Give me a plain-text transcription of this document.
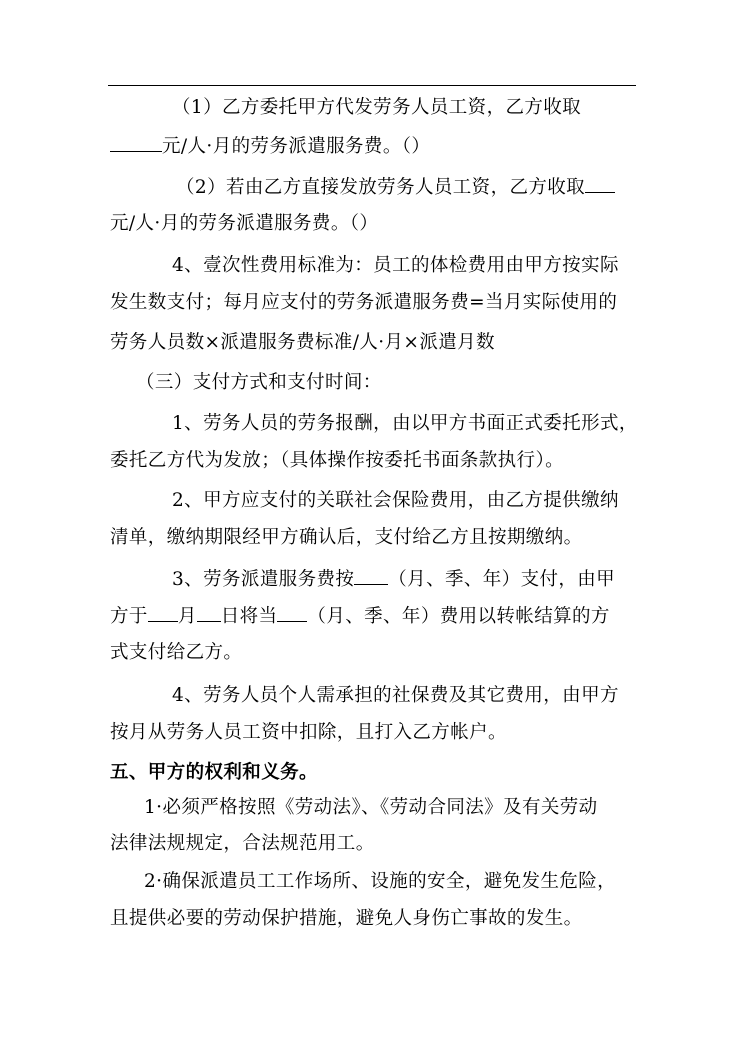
（1）乙方委托甲方代发劳务人员工资，乙方收取
元/人·月的劳务派遣服务费。（）
（2）若由乙方直接发放劳务人员工资，乙方收取
元/人·月的劳务派遣服务费。（）
4、壹次性费用标准为：员工的体检费用由甲方按实际
发生数支付；每月应支付的劳务派遣服务费=当月实际使用的
劳务人员数×派遣服务费标准/人·月×派遣月数
（三）支付方式和支付时间：
1、劳务人员的劳务报酬，由以甲方书面正式委托形式，
委托乙方代为发放；（具体操作按委托书面条款执行）。
2、甲方应支付的关联社会保险费用，由乙方提供缴纳
清单，缴纳期限经甲方确认后，支付给乙方且按期缴纳。
3、劳务派遣服务费按 （月、季、年）支付，由甲
方于 月 日将当 （月、季、年）费用以转帐结算的方
式支付给乙方。
4、劳务人员个人需承担的社保费及其它费用，由甲方
按月从劳务人员工资中扣除，且打入乙方帐户。
五、甲方的权利和义务。
1·必须严格按照《劳动法》、《劳动合同法》及有关劳动
法律法规规定，合法规范用工。
2·确保派遣员工工作场所、设施的安全，避免发生危险，
且提供必要的劳动保护措施，避免人身伤亡事故的发生。
